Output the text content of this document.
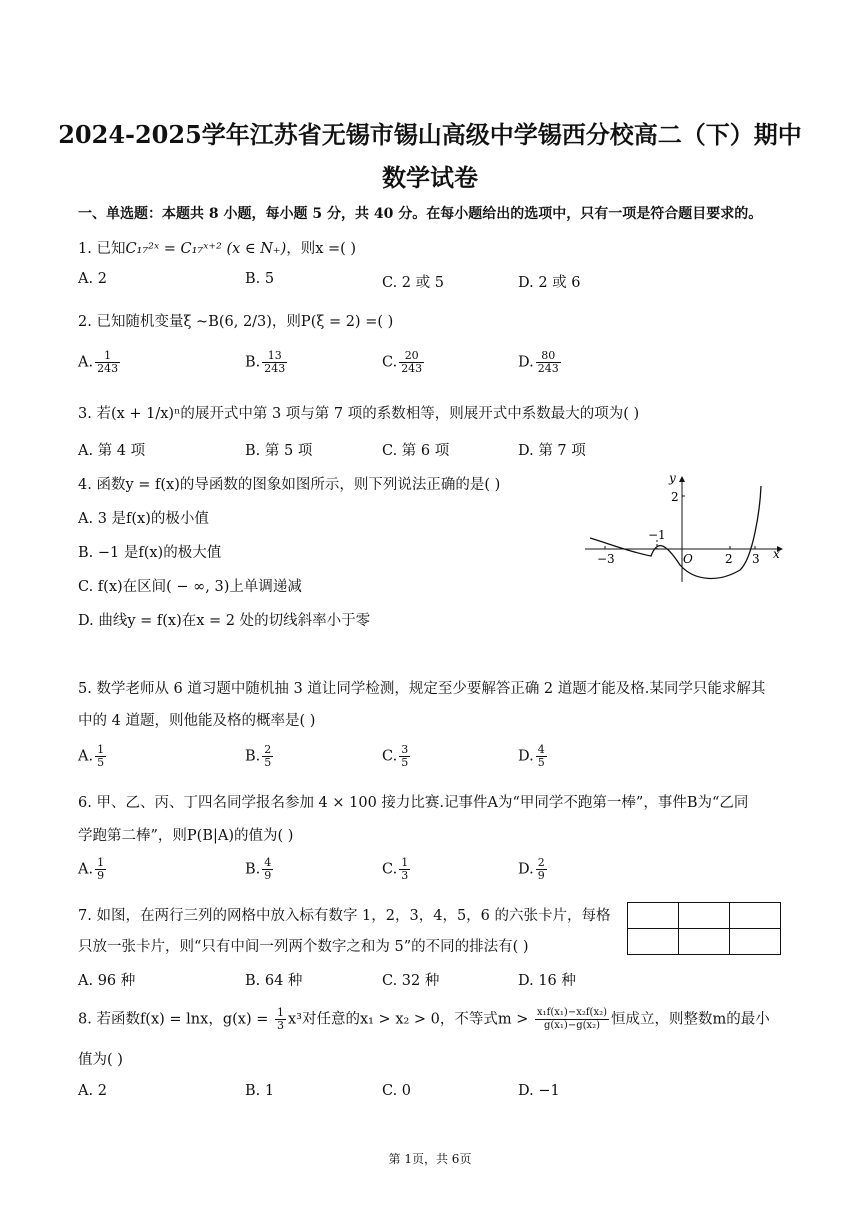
2024-2025学年江苏省无锡市锡山高级中学锡西分校高二（下）期中
数学试卷
一、单选题：本题共 8 小题，每小题 5 分，共 40 分。在每小题给出的选项中，只有一项是符合题目要求的。
1. 已知C₁₇²ˣ = C₁₇ˣ⁺² (x ∈ N₊)，则x =( )
A. 2	B. 5	C. 2 或 5	D. 2 或 6
2. 已知随机变量ξ ~B(6, 2/3)，则P(ξ = 2) =( )
A. $\frac{1}{243}$	B. $\frac{13}{243}$	C. $\frac{20}{243}$	D. $\frac{80}{243}$
3. 若(x + 1/x)ⁿ的展开式中第 3 项与第 7 项的系数相等，则展开式中系数最大的项为( )
A. 第 4 项	B. 第 5 项	C. 第 6 项	D. 第 7 项
4. 函数y = f(x)的导函数的图象如图所示，则下列说法正确的是( )
A. 3 是f(x)的极小值
B. −1 是f(x)的极大值
C. f(x)在区间( − ∞, 3)上单调递减
D. 曲线y = f(x)在x = 2 处的切线斜率小于零
y
x
2
−1
−3	O	2 3
5. 数学老师从 6 道习题中随机抽 3 道让同学检测，规定至少要解答正确 2 道题才能及格.某同学只能求解其
中的 4 道题，则他能及格的概率是( )
A. $\frac{1}{5}$	B. $\frac{2}{5}$	C. $\frac{3}{5}$	D. $\frac{4}{5}$
6. 甲、乙、丙、丁四名同学报名参加 4 × 100 接力比赛.记事件A为“甲同学不跑第一棒”，事件B为“乙同
学跑第二棒”，则P(B|A)的值为( )
A. $\frac{1}{9}$	B. $\frac{4}{9}$	C. $\frac{1}{3}$	D. $\frac{2}{9}$
7. 如图，在两行三列的网格中放入标有数字 1，2，3，4，5，6 的六张卡片，每格
只放一张卡片，则“只有中间一列两个数字之和为 5”的不同的排法有( )

A. 96 种	B. 64 种	C. 32 种	D. 16 种
8. 若函数f(x) = lnx，$g(x) = \frac{1}{3} x^3$对任意的x₁ > x₂ > 0，不等式$m > \frac{\text{x₁f(x₁)−x₂f(x₂)}}{\text{g(x₁)−g(x₂)}}$ 恒成立，则整数m的最小
值为( )
A. 2	B. 1	C. 0	D. −1
第 1页，共 6页
